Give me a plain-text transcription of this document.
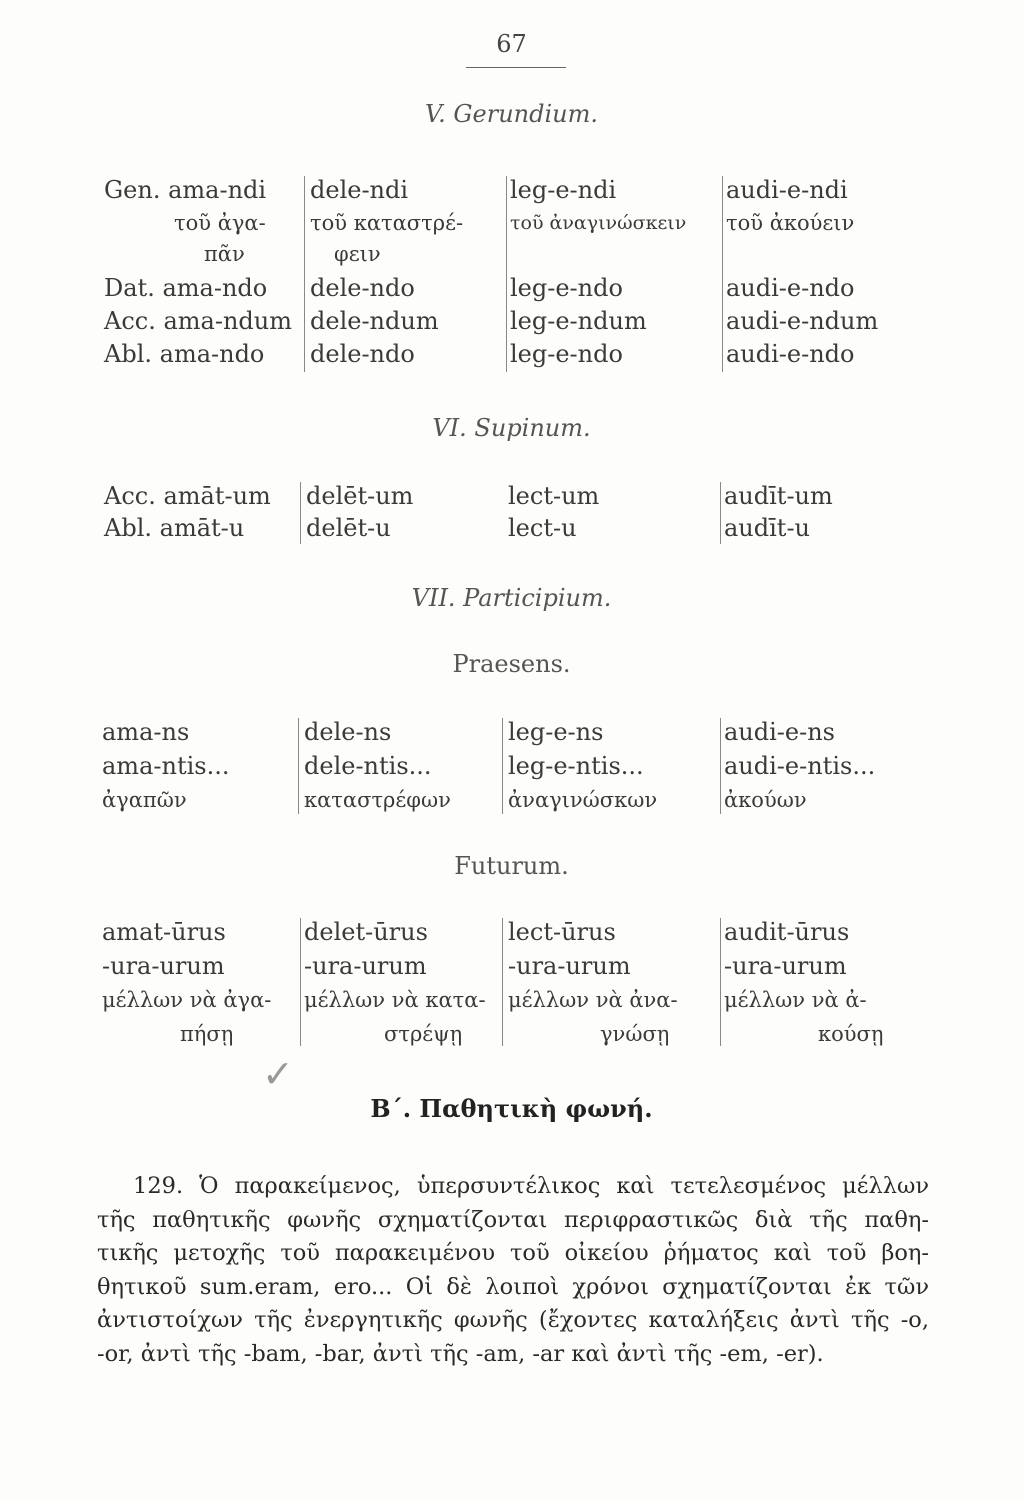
67
V. Gerundium.
Gen. ama-ndi
τοῦ ἀγα-
πᾶν
Dat. ama-ndo
Acc. ama-ndum
Abl. ama-ndo
dele-ndi
τοῦ καταστρέ-
φειν
dele-ndo
dele-ndum
dele-ndo
leg-e-ndi
τοῦ ἀναγινώσκειν
leg-e-ndo
leg-e-ndum
leg-e-ndo
audi-e-ndi
τοῦ ἀκούειν
audi-e-ndo
audi-e-ndum
audi-e-ndo
VI. Supinum.
Acc. amāt-um
Abl. amāt-u
delēt-um
delēt-u
lect-um
lect-u
audīt-um
audīt-u
VII. Participium.
Praesens.
ama-ns
ama-ntis...
ἀγαπῶν
dele-ns
dele-ntis...
καταστρέφων
leg-e-ns
leg-e-ntis...
ἀναγινώσκων
audi-e-ns
audi-e-ntis...
ἀκούων
Futurum.
amat-ūrus
-ura-urum
μέλλων νὰ ἀγα-
πήσῃ
delet-ūrus
-ura-urum
μέλλων νὰ κατα-
στρέψῃ
lect-ūrus
-ura-urum
μέλλων νὰ ἀνα-
γνώσῃ
audit-ūrus
-ura-urum
μέλλων νὰ ἀ-
κούσῃ
✓
Β΄. Παθητικὴ φωνή.
129. Ὁ παρακείμενος, ὑπερσυντέλικος καὶ τετελεσμένος μέλλων
τῆς παθητικῆς φωνῆς σχηματίζονται περιφραστικῶς διὰ τῆς παθη-
τικῆς μετοχῆς τοῦ παρακειμένου τοῦ οἰκείου ῥήματος καὶ τοῦ βοη-
θητικοῦ sum.eram, ero... Οἱ δὲ λοιποὶ χρόνοι σχηματίζονται ἐκ τῶν
ἀντιστοίχων τῆς ἐνεργητικῆς φωνῆς (ἔχοντες καταλήξεις ἀντὶ τῆς -o,
-or, ἀντὶ τῆς -bam, -bar, ἀντὶ τῆς -am, -ar καὶ ἀντὶ τῆς -em, -er).
